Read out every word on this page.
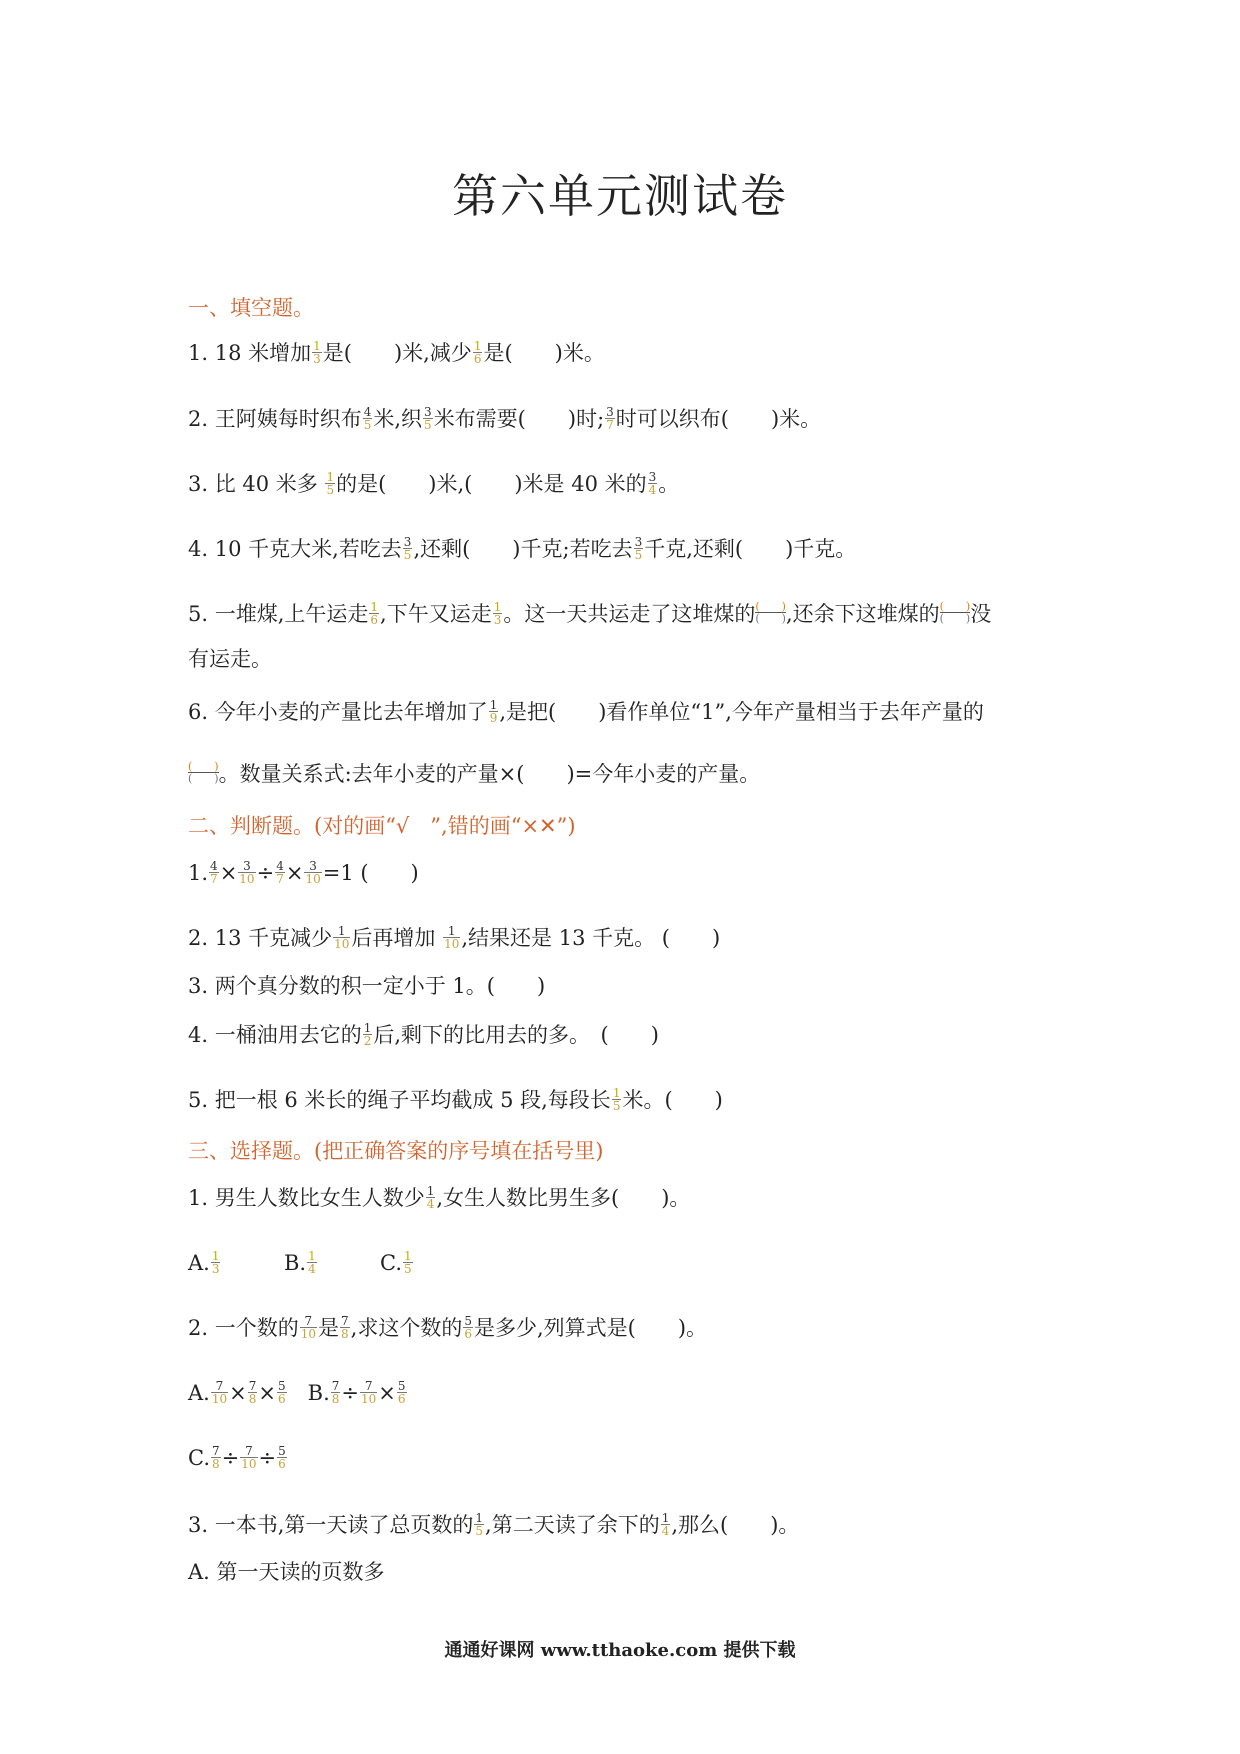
第六单元测试卷
一、填空题。
1. 18 米增加 $\frac{1}{3}$ 是(　　)米,减少 $\frac{1}{6}$ 是(　　)米。
2. 王阿姨每时织布 $\frac{4}{5}$ 米,织 $\frac{3}{5}$ 米布需要(　　)时; $\frac{3}{7}$ 时可以织布(　　)米。
3. 比 40 米多 $\frac{1}{5}$ 的是(　　)米,(　　)米是 40 米的 $\frac{3}{4}$ 。
4. 10 千克大米,若吃去 $\frac{3}{5}$ ,还剩(　　)千克;若吃去 $\frac{3}{5}$ 千克,还剩(　　)千克。
5. 一堆煤,上午运走 $\frac{1}{6}$ ,下午又运走 $\frac{1}{3}$ 。这一天共运走了这堆煤的(　　)
(　　) ,还余下这堆煤的(　　)
(　　) 没
有运走。
6. 今年小麦的产量比去年增加了 $\frac{1}{9}$ ,是把(　　)看作单位“1”,今年产量相当于去年产量的
(　　)
(　　) 。数量关系式:去年小麦的产量×(　　)=今年小麦的产量。
二、判断题。(对的画“√　”,错的画“×✕”)
1. $\frac{4}{7} \times \frac{3}{10} \div \frac{4}{7} \times \frac{3}{10} =1$ (　　)
2. 13 千克减少 $\frac{1}{10}$ 后再增加 $\frac{1}{10}$ ,结果还是 13 千克。 (　　)
3. 两个真分数的积一定小于 1。(　　)
4. 一桶油用去它的 $\frac{1}{2}$ 后,剩下的比用去的多。　(　　)
5. 把一根 6 米长的绳子平均截成 5 段,每段长 $\frac{1}{5}$ 米。(　　)
三、选择题。(把正确答案的序号填在括号里)
1. 男生人数比女生人数少 $\frac{1}{4}$ ,女生人数比男生多(　　)。
A. $\frac{1}{3}$	B. $\frac{1}{4}$	C. $\frac{1}{5}$
2. 一个数的 $\frac{7}{10}$ 是 $\frac{7}{8}$ ,求这个数的 $\frac{5}{6}$ 是多少,列算式是(　　)。
A. $\frac{7}{10} \times \frac{7}{8} \times \frac{5}{6} B$. $\frac{7}{8} \div \frac{7}{10} \times \frac{5}{6}$
C. $\frac{7}{8} \div \frac{7}{10} \div \frac{5}{6}$
3. 一本书,第一天读了总页数的 $\frac{1}{5}$ ,第二天读了余下的 $\frac{1}{4}$ ,那么(　　)。
A. 第一天读的页数多
通通好课网 www.tthaoke.com 提供下载
